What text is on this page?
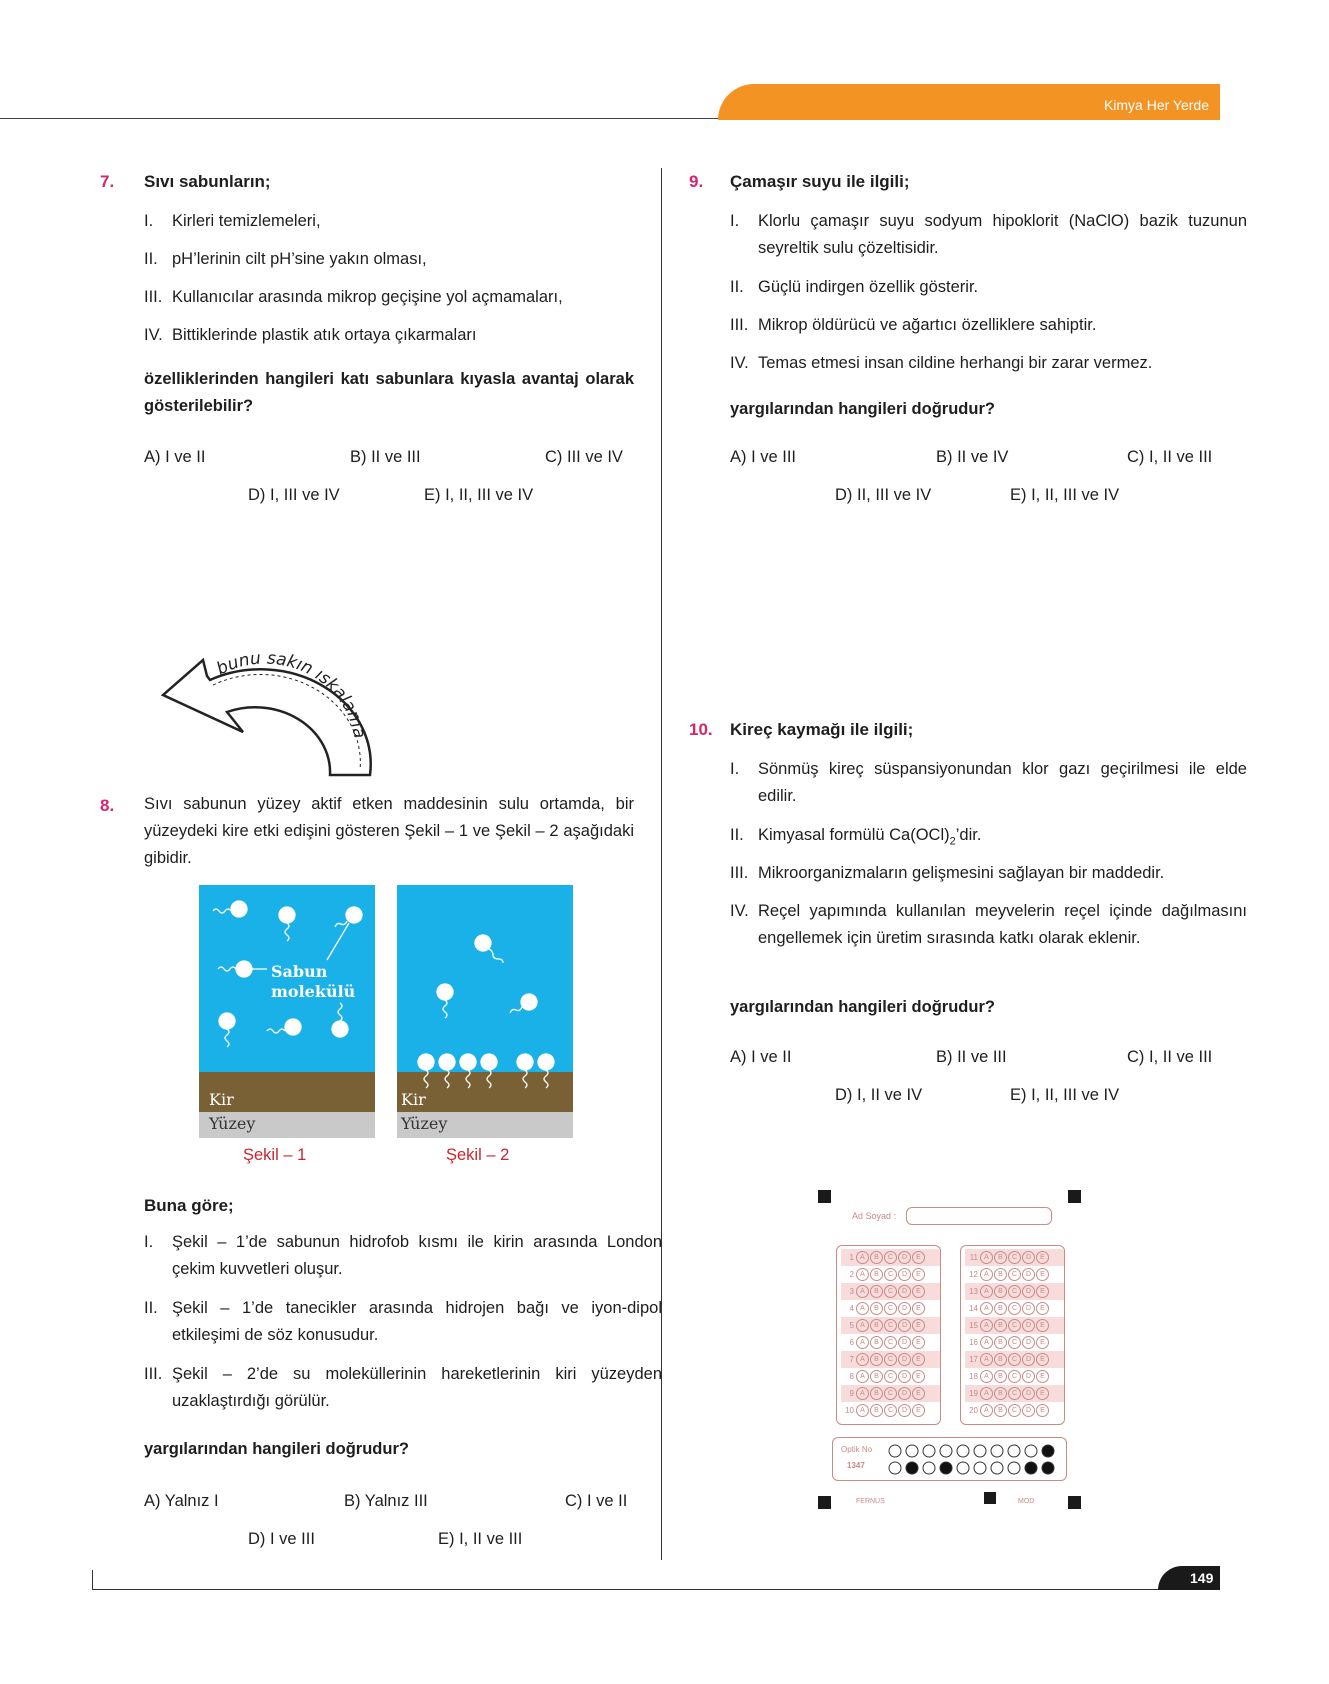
Kimya Her Yerde
7. Sıvı sabunların;
I. Kirleri temizlemeleri,
II. pH’lerinin cilt pH’sine yakın olması,
III. Kullanıcılar arasında mikrop geçişine yol açmamaları,
IV. Bittiklerinde plastik atık ortaya çıkarmaları
özelliklerinden hangileri katı sabunlara kıyasla avantaj olarak gösterilebilir?
A) I ve II	B) II ve III	C) III ve IV
D) I, III ve IV	E) I, II, III ve IV
bunu sakın ıskalama
8. Sıvı sabunun yüzey aktif etken maddesinin sulu ortamda, bir yüzeydeki kire etki edişini gösteren Şekil – 1 ve Şekil – 2 aşağıdaki gibidir.
Sabun
molekülü
Kir
Yüzey
Şekil – 1
Kir
Yüzey
Şekil – 2
Buna göre;
I. Şekil – 1’de sabunun hidrofob kısmı ile kirin arasında London çekim kuvvetleri oluşur.
II. Şekil – 1’de tanecikler arasında hidrojen bağı ve iyon-dipol etkileşimi de söz konusudur.
III. Şekil – 2’de su moleküllerinin hareketlerinin kiri yüzeyden uzaklaştırdığı görülür.
yargılarından hangileri doğrudur?
A) Yalnız I	B) Yalnız III	C) I ve II
D) I ve III	E) I, II ve III
9. Çamaşır suyu ile ilgili;
I. Klorlu çamaşır suyu sodyum hipoklorit (NaClO) bazik tuzunun seyreltik sulu çözeltisidir.
II. Güçlü indirgen özellik gösterir.
III. Mikrop öldürücü ve ağartıcı özelliklere sahiptir.
IV. Temas etmesi insan cildine herhangi bir zarar vermez.
yargılarından hangileri doğrudur?
A) I ve III	B) II ve IV	C) I, II ve III
D) II, III ve IV	E) I, II, III ve IV
10. Kireç kaymağı ile ilgili;
I. Sönmüş kireç süspansiyonundan klor gazı geçirilmesi ile elde edilir.
II. Kimyasal formülü $Ca(OCl)_2’dir$.
III. Mikroorganizmaların gelişmesini sağlayan bir maddedir.
IV. Reçel yapımında kullanılan meyvelerin reçel içinde dağılmasını engellemek için üretim sırasında katkı olarak eklenir.
yargılarından hangileri doğrudur?
A) I ve II	B) II ve III	C) I, II ve III
D) I, II ve IV	E) I, II, III ve IV
Ad Soyad :
1 A	B	C	D	E
2 A	B	C	D	E
3 A	B	C	D	E
4 A	B	C	D	E
5 A	B	C	D	E
6 A	B	C	D	E
7 A	B	C	D	E
8 A	B	C	D	E
9 A	B	C	D	E
10 A	B	C	D	E
11 A	B	C	D	E
12 A	B	C	D	E
13 A	B	C	D	E
14 A	B	C	D	E
15 A	B	C	D	E
16 A	B	C	D	E
17 A	B	C	D	E
18 A	B	C	D	E
19 A	B	C	D	E
20 A	B	C	D	E
Optik No
1347
FERNUS	MOD
149
